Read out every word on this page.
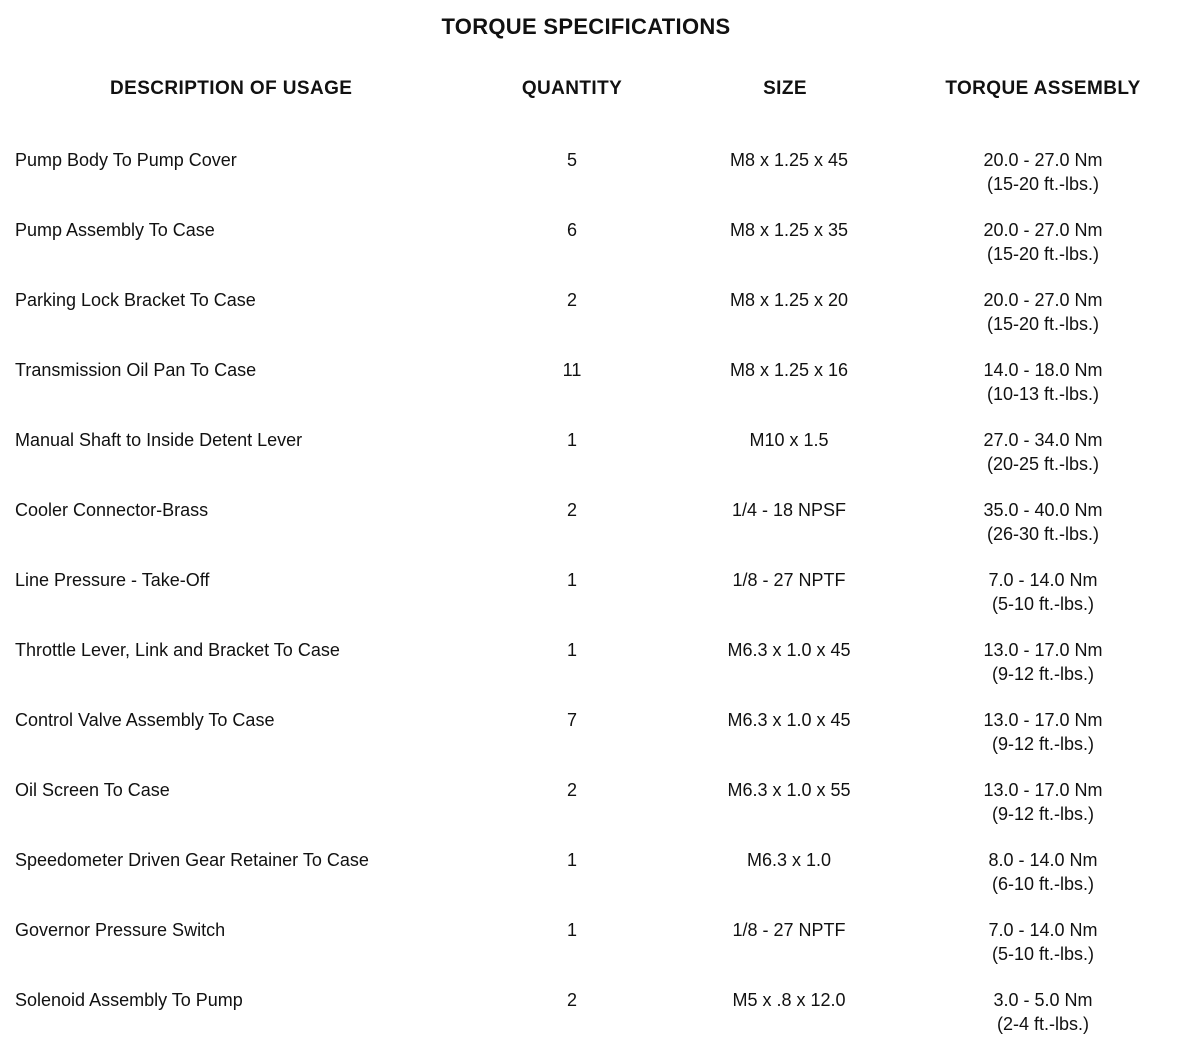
TORQUE SPECIFICATIONS
DESCRIPTION OF USAGE	QUANTITY	SIZE	TORQUE ASSEMBLY
Pump Body To Pump Cover	5	M8 x 1.25 x 45	20.0 - 27.0 Nm
(15-20 ft.-lbs.)
Pump Assembly To Case	6	M8 x 1.25 x 35	20.0 - 27.0 Nm
(15-20 ft.-lbs.)
Parking Lock Bracket To Case	2	M8 x 1.25 x 20	20.0 - 27.0 Nm
(15-20 ft.-lbs.)
Transmission Oil Pan To Case	11	M8 x 1.25 x 16	14.0 - 18.0 Nm
(10-13 ft.-lbs.)
Manual Shaft to Inside Detent Lever	1	M10 x 1.5	27.0 - 34.0 Nm
(20-25 ft.-lbs.)
Cooler Connector-Brass	2	1/4 - 18 NPSF	35.0 - 40.0 Nm
(26-30 ft.-lbs.)
Line Pressure - Take-Off	1	1/8 - 27 NPTF	7.0 - 14.0 Nm
(5-10 ft.-lbs.)
Throttle Lever, Link and Bracket To Case	1	M6.3 x 1.0 x 45	13.0 - 17.0 Nm
(9-12 ft.-lbs.)
Control Valve Assembly To Case	7	M6.3 x 1.0 x 45	13.0 - 17.0 Nm
(9-12 ft.-lbs.)
Oil Screen To Case	2	M6.3 x 1.0 x 55	13.0 - 17.0 Nm
(9-12 ft.-lbs.)
Speedometer Driven Gear Retainer To Case	1	M6.3 x 1.0	8.0 - 14.0 Nm
(6-10 ft.-lbs.)
Governor Pressure Switch	1	1/8 - 27 NPTF	7.0 - 14.0 Nm
(5-10 ft.-lbs.)
Solenoid Assembly To Pump	2	M5 x .8 x 12.0	3.0 - 5.0 Nm
(2-4 ft.-lbs.)
